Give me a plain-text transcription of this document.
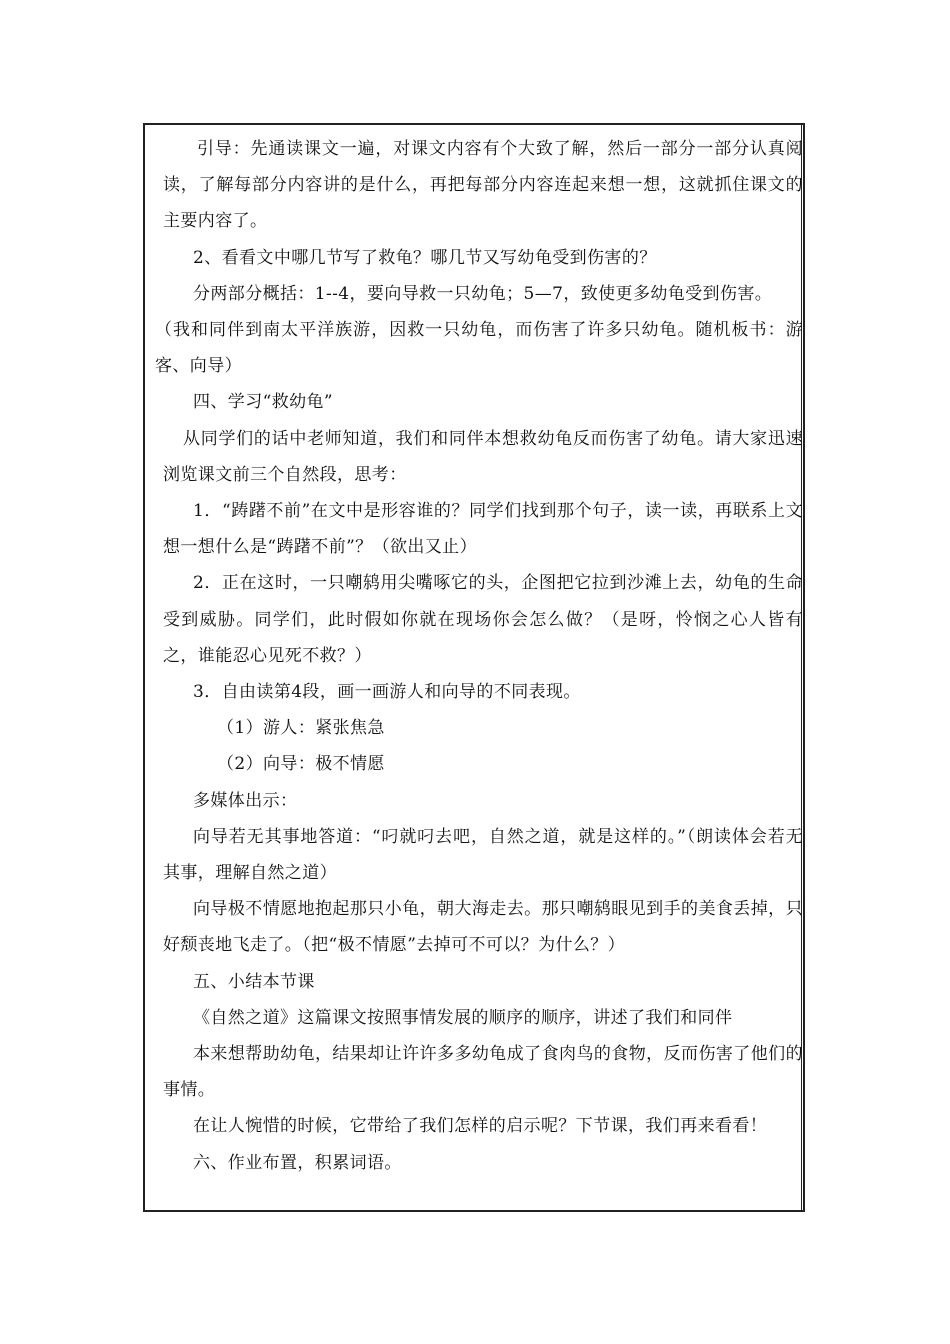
引导：先通读课文一遍，对课文内容有个大致了解，然后一部分一部分认真阅读，了解每部分内容讲的是什么，再把每部分内容连起来想一想，这就抓住课文的主要内容了。

2、看看文中哪几节写了救龟？哪几节又写幼龟受到伤害的？

分两部分概括：1--4，要向导救一只幼龟；5—7，致使更多幼龟受到伤害。

（我和同伴到南太平洋族游，因救一只幼龟，而伤害了许多只幼龟。随机板书：游客、向导）

四、学习“救幼龟”

从同学们的话中老师知道，我们和同伴本想救幼龟反而伤害了幼龟。请大家迅速浏览课文前三个自然段，思考：

1．“踌躇不前”在文中是形容谁的？同学们找到那个句子，读一读，再联系上文想一想什么是“踌躇不前”？（欲出又止）

2．正在这时，一只嘲鸫用尖嘴啄它的头，企图把它拉到沙滩上去，幼龟的生命受到威胁。同学们，此时假如你就在现场你会怎么做？（是呀，怜悯之心人皆有之，谁能忍心见死不救？）

3．自由读第4段，画一画游人和向导的不同表现。

（1）游人：紧张焦急

（2）向导：极不情愿

多媒体出示：

向导若无其事地答道：“叼就叼去吧，自然之道，就是这样的。”（朗读体会若无其事，理解自然之道）

向导极不情愿地抱起那只小龟，朝大海走去。那只嘲鸫眼见到手的美食丢掉，只好颓丧地飞走了。（把“极不情愿”去掉可不可以？为什么？）

五、小结本节课

《自然之道》这篇课文按照事情发展的顺序的顺序，讲述了我们和同伴

本来想帮助幼龟，结果却让许许多多幼龟成了食肉鸟的食物，反而伤害了他们的事情。

在让人惋惜的时候，它带给了我们怎样的启示呢？下节课，我们再来看看！

六、作业布置，积累词语。
